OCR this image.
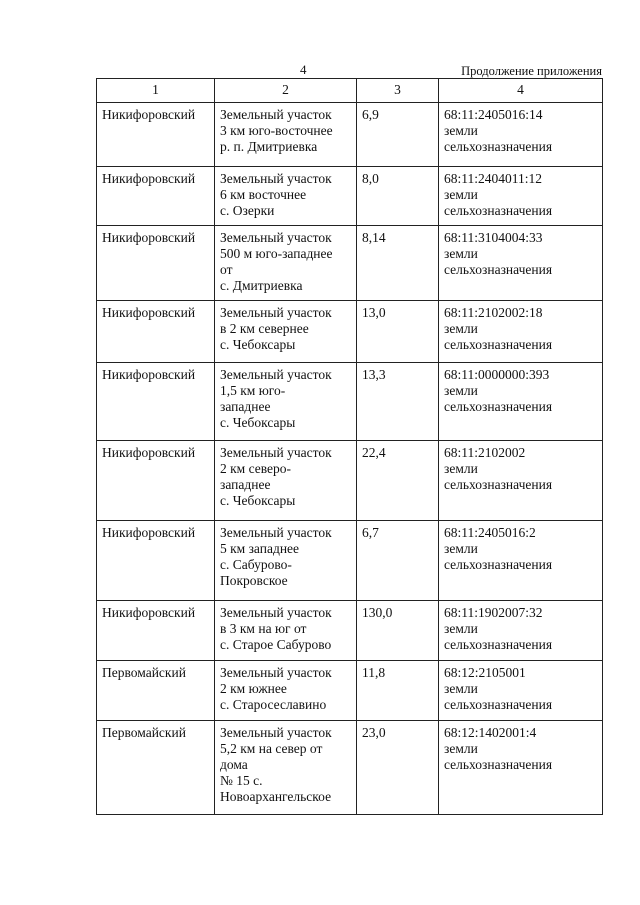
4	Продолжение приложения
1	2	3	4
Никифоровский	Земельный участок
3 км юго-восточнее
р. п. Дмитриевка	6,9	68:11:2405016:14
земли
сельхозназначения

Никифоровский	Земельный участок
6 км восточнее
с. Озерки	8,0	68:11:2404011:12
земли
сельхозназначения

Никифоровский	Земельный участок
500 м юго-западнее
от
с. Дмитриевка	8,14	68:11:3104004:33
земли
сельхозназначения

Никифоровский	Земельный участок
в 2 км севернее
с. Чебоксары	13,0	68:11:2102002:18
земли
сельхозназначения

Никифоровский	Земельный участок
1,5 км юго-
западнее
с. Чебоксары	13,3	68:11:0000000:393
земли
сельхозназначения

Никифоровский	Земельный участок
2 км северо-
западнее
с. Чебоксары	22,4	68:11:2102002
земли
сельхозназначения

Никифоровский	Земельный участок
5 км западнее
с. Сабурово-
Покровское	6,7	68:11:2405016:2
земли
сельхозназначения

Никифоровский	Земельный участок
в 3 км на юг от
с. Старое Сабурово	130,0	68:11:1902007:32
земли
сельхозназначения

Первомайский	Земельный участок
2 км южнее
с. Старосеславино	11,8	68:12:2105001
земли
сельхозназначения

Первомайский	Земельный участок
5,2 км на север от
дома
№ 15 с.
Новоархангельское	23,0	68:12:1402001:4
земли
сельхозназначения
